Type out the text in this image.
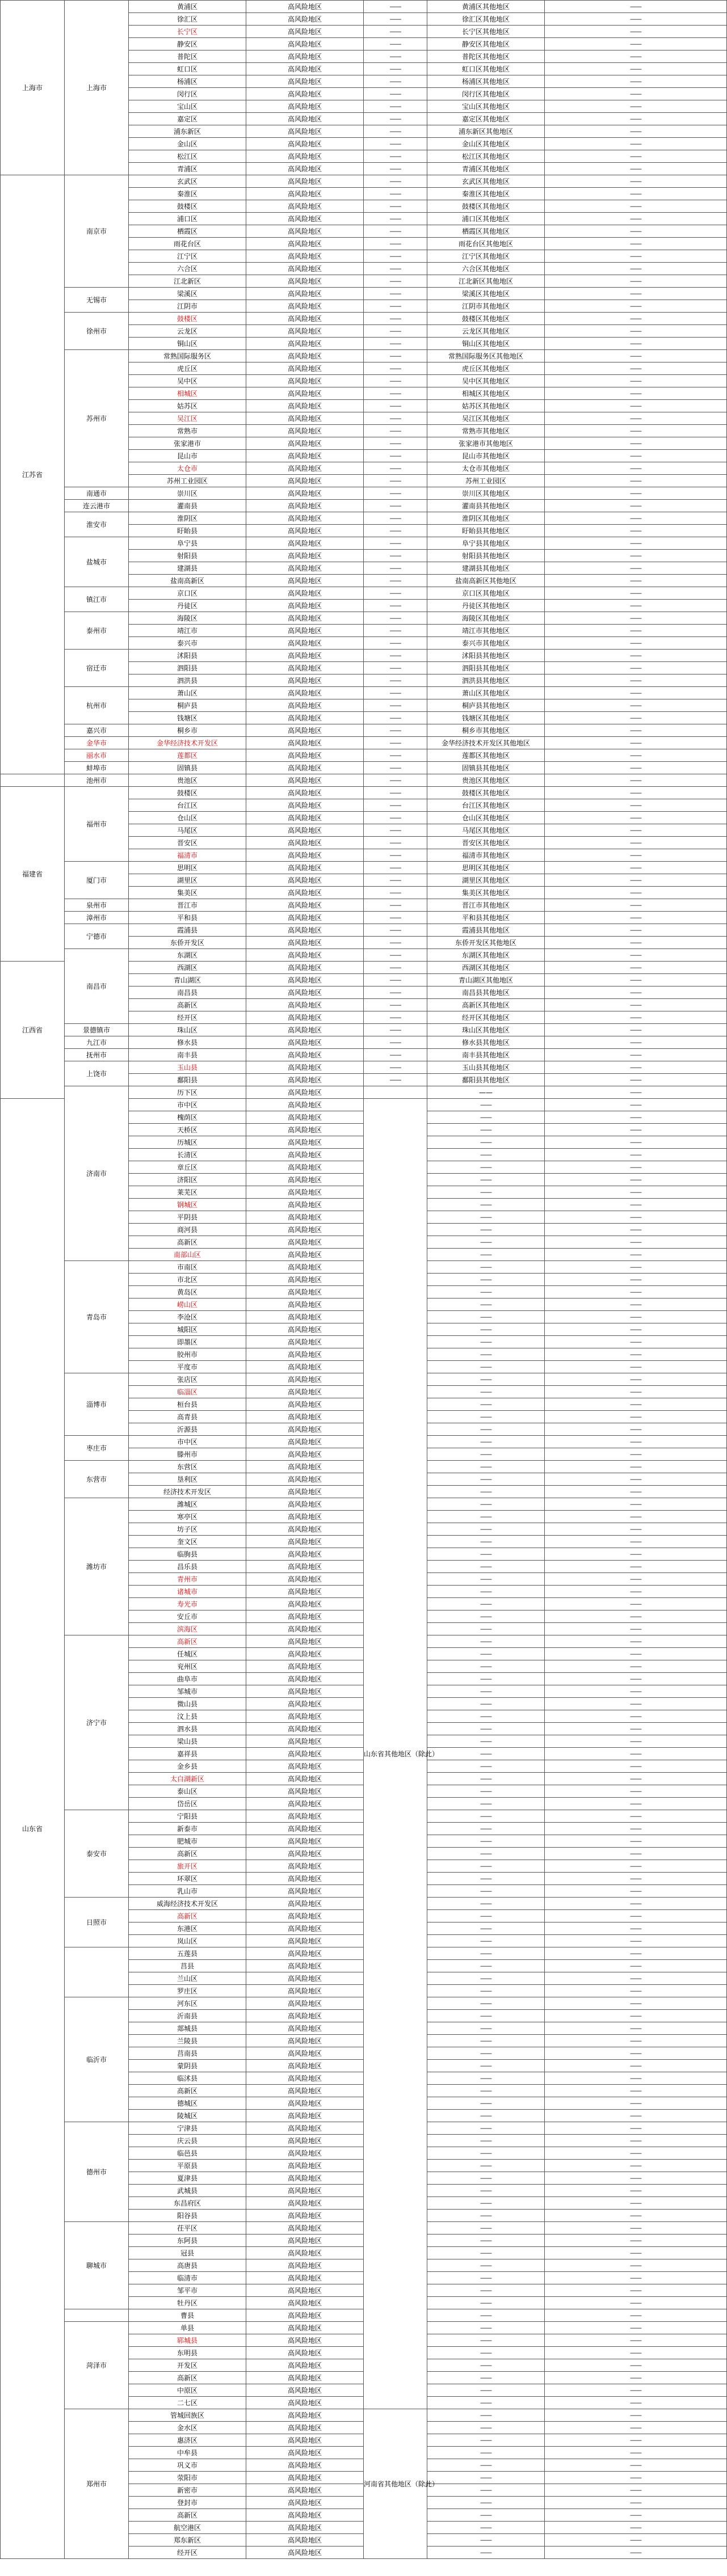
上海市	上海市	黄浦区	高风险地区	——	黄浦区其他地区	——
		徐汇区	高风险地区	——	徐汇区其他地区	——
		长宁区	高风险地区	——	长宁区其他地区	——
		静安区	高风险地区	——	静安区其他地区	——
		普陀区	高风险地区	——	普陀区其他地区	——
		虹口区	高风险地区	——	虹口区其他地区	——
		杨浦区	高风险地区	——	杨浦区其他地区	——
		闵行区	高风险地区	——	闵行区其他地区	——
		宝山区	高风险地区	——	宝山区其他地区	——
		嘉定区	高风险地区	——	嘉定区其他地区	——
		浦东新区	高风险地区	——	浦东新区其他地区	——
		金山区	高风险地区	——	金山区其他地区	——
		松江区	高风险地区	——	松江区其他地区	——
		青浦区	高风险地区	——	青浦区其他地区	——
江苏省	南京市	玄武区	高风险地区	——	玄武区其他地区	——
		秦淮区	高风险地区	——	秦淮区其他地区	——
		鼓楼区	高风险地区	——	鼓楼区其他地区	——
		浦口区	高风险地区	——	浦口区其他地区	——
		栖霞区	高风险地区	——	栖霞区其他地区	——
		雨花台区	高风险地区	——	雨花台区其他地区	——
		江宁区	高风险地区	——	江宁区其他地区	——
		六合区	高风险地区	——	六合区其他地区	——
		江北新区	高风险地区	——	江北新区其他地区	——
	无锡市	梁溪区	高风险地区	——	梁溪区其他地区	——
		江阴市	高风险地区	——	江阴市其他地区	——
	徐州市	鼓楼区	高风险地区	——	鼓楼区其他地区	——
		云龙区	高风险地区	——	云龙区其他地区	——
		铜山区	高风险地区	——	铜山区其他地区	——
	苏州市	常熟国际服务区	高风险地区	——	常熟国际服务区其他地区	——
		虎丘区	高风险地区	——	虎丘区其他地区	——
		吴中区	高风险地区	——	吴中区其他地区	——
		相城区	高风险地区	——	相城区其他地区	——
		姑苏区	高风险地区	——	姑苏区其他地区	——
		吴江区	高风险地区	——	吴江区其他地区	——
		常熟市	高风险地区	——	常熟市其他地区	——
		张家港市	高风险地区	——	张家港市其他地区	——
		昆山市	高风险地区	——	昆山市其他地区	——
		太仓市	高风险地区	——	太仓市其他地区	——
		苏州工业园区	高风险地区	——	苏州工业园区	——
	南通市	崇川区	高风险地区	——	崇川区其他地区	——
	连云港市	灌南县	高风险地区	——	灌南县其他地区	——
	淮安市	淮阴区	高风险地区	——	淮阴区其他地区	——
		盱眙县	高风险地区	——	盱眙县其他地区	——
	盐城市	阜宁县	高风险地区	——	阜宁县其他地区	——
		射阳县	高风险地区	——	射阳县其他地区	——
		建湖县	高风险地区	——	建湖县其他地区	——
		盐南高新区	高风险地区	——	盐南高新区其他地区	——
	镇江市	京口区	高风险地区	——	京口区其他地区	——
		丹徒区	高风险地区	——	丹徒区其他地区	——
	泰州市	海陵区	高风险地区	——	海陵区其他地区	——
		靖江市	高风险地区	——	靖江市其他地区	——
		泰兴市	高风险地区	——	泰兴市其他地区	——
	宿迁市	沭阳县	高风险地区	——	沭阳县其他地区	——
		泗阳县	高风险地区	——	泗阳县其他地区	——
		泗洪县	高风险地区	——	泗洪县其他地区	——
	杭州市	萧山区	高风险地区	——	萧山区其他地区	——
		桐庐县	高风险地区	——	桐庐县其他地区	——
		钱塘区	高风险地区	——	钱塘区其他地区	——
	嘉兴市	桐乡市	高风险地区	——	桐乡市其他地区	——
	金华市	金华经济技术开发区	高风险地区	——	金华经济技术开发区其他地区	——
	丽水市	莲都区	高风险地区	——	莲都区其他地区	——
	蚌埠市	固镇县	高风险地区	——	固镇县其他地区	——
	池州市	贵池区	高风险地区	——	贵池区其他地区	——
福建省	福州市	鼓楼区	高风险地区	——	鼓楼区其他地区	——
		台江区	高风险地区	——	台江区其他地区	——
		仓山区	高风险地区	——	仓山区其他地区	——
		马尾区	高风险地区	——	马尾区其他地区	——
		晋安区	高风险地区	——	晋安区其他地区	——
		福清市	高风险地区	——	福清市其他地区	——
	厦门市	思明区	高风险地区	——	思明区其他地区	——
		湖里区	高风险地区	——	湖里区其他地区	——
		集美区	高风险地区	——	集美区其他地区	——
	泉州市	晋江市	高风险地区	——	晋江市其他地区	——
	漳州市	平和县	高风险地区	——	平和县其他地区	——
	宁德市	霞浦县	高风险地区	——	霞浦县其他地区	——
		东侨开发区	高风险地区	——	东侨开发区其他地区	——
	南昌市	东湖区	高风险地区	——	东湖区其他地区	——
江西省		西湖区	高风险地区	——	西湖区其他地区	——
		青山湖区	高风险地区	——	青山湖区其他地区	——
		南昌县	高风险地区	——	南昌县其他地区	——
		高新区	高风险地区	——	高新区其他地区	——
		经开区	高风险地区	——	经开区其他地区	——
	景德镇市	珠山区	高风险地区	——	珠山区其他地区	——
	九江市	修水县	高风险地区	——	修水县其他地区	——
	抚州市	南丰县	高风险地区	——	南丰县其他地区	——
	上饶市	玉山县	高风险地区	——	玉山县其他地区	——
		鄱阳县	高风险地区	——	鄱阳县其他地区	——
	济南市	历下区	高风险地区		——	——
山东省		市中区	高风险地区	山东省其他地区（除此）	——	——
		槐荫区	高风险地区		——	——
		天桥区	高风险地区		——	——
		历城区	高风险地区		——	——
		长清区	高风险地区		——	——
		章丘区	高风险地区		——	——
		济阳区	高风险地区		——	——
		莱芜区	高风险地区		——	——
		钢城区	高风险地区		——	——
		平阴县	高风险地区		——	——
		商河县	高风险地区		——	——
		高新区	高风险地区		——	——
		南部山区	高风险地区		——	——
	青岛市	市南区	高风险地区		——	——
		市北区	高风险地区		——	——
		黄岛区	高风险地区		——	——
		崂山区	高风险地区		——	——
		李沧区	高风险地区		——	——
		城阳区	高风险地区		——	——
		即墨区	高风险地区		——	——
		胶州市	高风险地区		——	——
		平度市	高风险地区		——	——
	淄博市	张店区	高风险地区		——	——
		临淄区	高风险地区		——	——
		桓台县	高风险地区		——	——
		高青县	高风险地区		——	——
		沂源县	高风险地区		——	——
	枣庄市	市中区	高风险地区		——	——
		滕州市	高风险地区		——	——
	东营市	东营区	高风险地区		——	——
		垦利区	高风险地区		——	——
		经济技术开发区	高风险地区		——	——
	潍坊市	潍城区	高风险地区		——	——
		寒亭区	高风险地区		——	——
		坊子区	高风险地区		——	——
		奎文区	高风险地区		——	——
		临朐县	高风险地区		——	——
		昌乐县	高风险地区		——	——
		青州市	高风险地区		——	——
		诸城市	高风险地区		——	——
		寿光市	高风险地区		——	——
		安丘市	高风险地区		——	——
		滨海区	高风险地区		——	——
	济宁市	高新区	高风险地区		——	——
		任城区	高风险地区		——	——
		兖州区	高风险地区		——	——
		曲阜市	高风险地区		——	——
		邹城市	高风险地区		——	——
		微山县	高风险地区		——	——
		汶上县	高风险地区		——	——
		泗水县	高风险地区		——	——
		梁山县	高风险地区		——	——
		嘉祥县	高风险地区		——	——
		金乡县	高风险地区		——	——
		太白湖新区	高风险地区		——	——
		泰山区	高风险地区		——	——
		岱岳区	高风险地区		——	——
	泰安市	宁阳县	高风险地区		——	——
		新泰市	高风险地区		——	——
		肥城市	高风险地区		——	——
		高新区	高风险地区		——	——
		旅开区	高风险地区		——	——
		环翠区	高风险地区		——	——
		乳山市	高风险地区		——	——
	日照市	威海经济技术开发区	高风险地区		——	——
		高新区	高风险地区		——	——
		东港区	高风险地区		——	——
		岚山区	高风险地区		——	——
		五莲县	高风险地区		——	——
		莒县	高风险地区		——	——
		兰山区	高风险地区		——	——
		罗庄区	高风险地区		——	——
	临沂市	河东区	高风险地区		——	——
		沂南县	高风险地区		——	——
		郯城县	高风险地区		——	——
		兰陵县	高风险地区		——	——
		莒南县	高风险地区		——	——
		蒙阴县	高风险地区		——	——
		临沭县	高风险地区		——	——
		高新区	高风险地区		——	——
		德城区	高风险地区		——	——
		陵城区	高风险地区		——	——
	德州市	宁津县	高风险地区		——	——
		庆云县	高风险地区		——	——
		临邑县	高风险地区		——	——
		平原县	高风险地区		——	——
		夏津县	高风险地区		——	——
		武城县	高风险地区		——	——
		东昌府区	高风险地区		——	——
		阳谷县	高风险地区		——	——
	聊城市	茌平区	高风险地区		——	——
		东阿县	高风险地区		——	——
		冠县	高风险地区		——	——
		高唐县	高风险地区		——	——
		临清市	高风险地区		——	——
		邹平市	高风险地区		——	——
		牡丹区	高风险地区		——	——
		曹县	高风险地区		——	——
	菏泽市	单县	高风险地区		——	——
		郓城县	高风险地区		——	——
		东明县	高风险地区		——	——
		开发区	高风险地区		——	——
		高新区	高风险地区		——	——
		中原区	高风险地区		——	——
		二七区	高风险地区		——	——
	郑州市	管城回族区	高风险地区	河南省其他地区（除此）	——	——
		金水区	高风险地区		——	——
		惠济区	高风险地区		——	——
		中牟县	高风险地区		——	——
		巩义市	高风险地区		——	——
		荥阳市	高风险地区		——	——
		新密市	高风险地区		——	——
		登封市	高风险地区		——	——
		高新区	高风险地区		——	——
		航空港区	高风险地区		——	——
		郑东新区	高风险地区		——	——
		经开区	高风险地区		——	——
